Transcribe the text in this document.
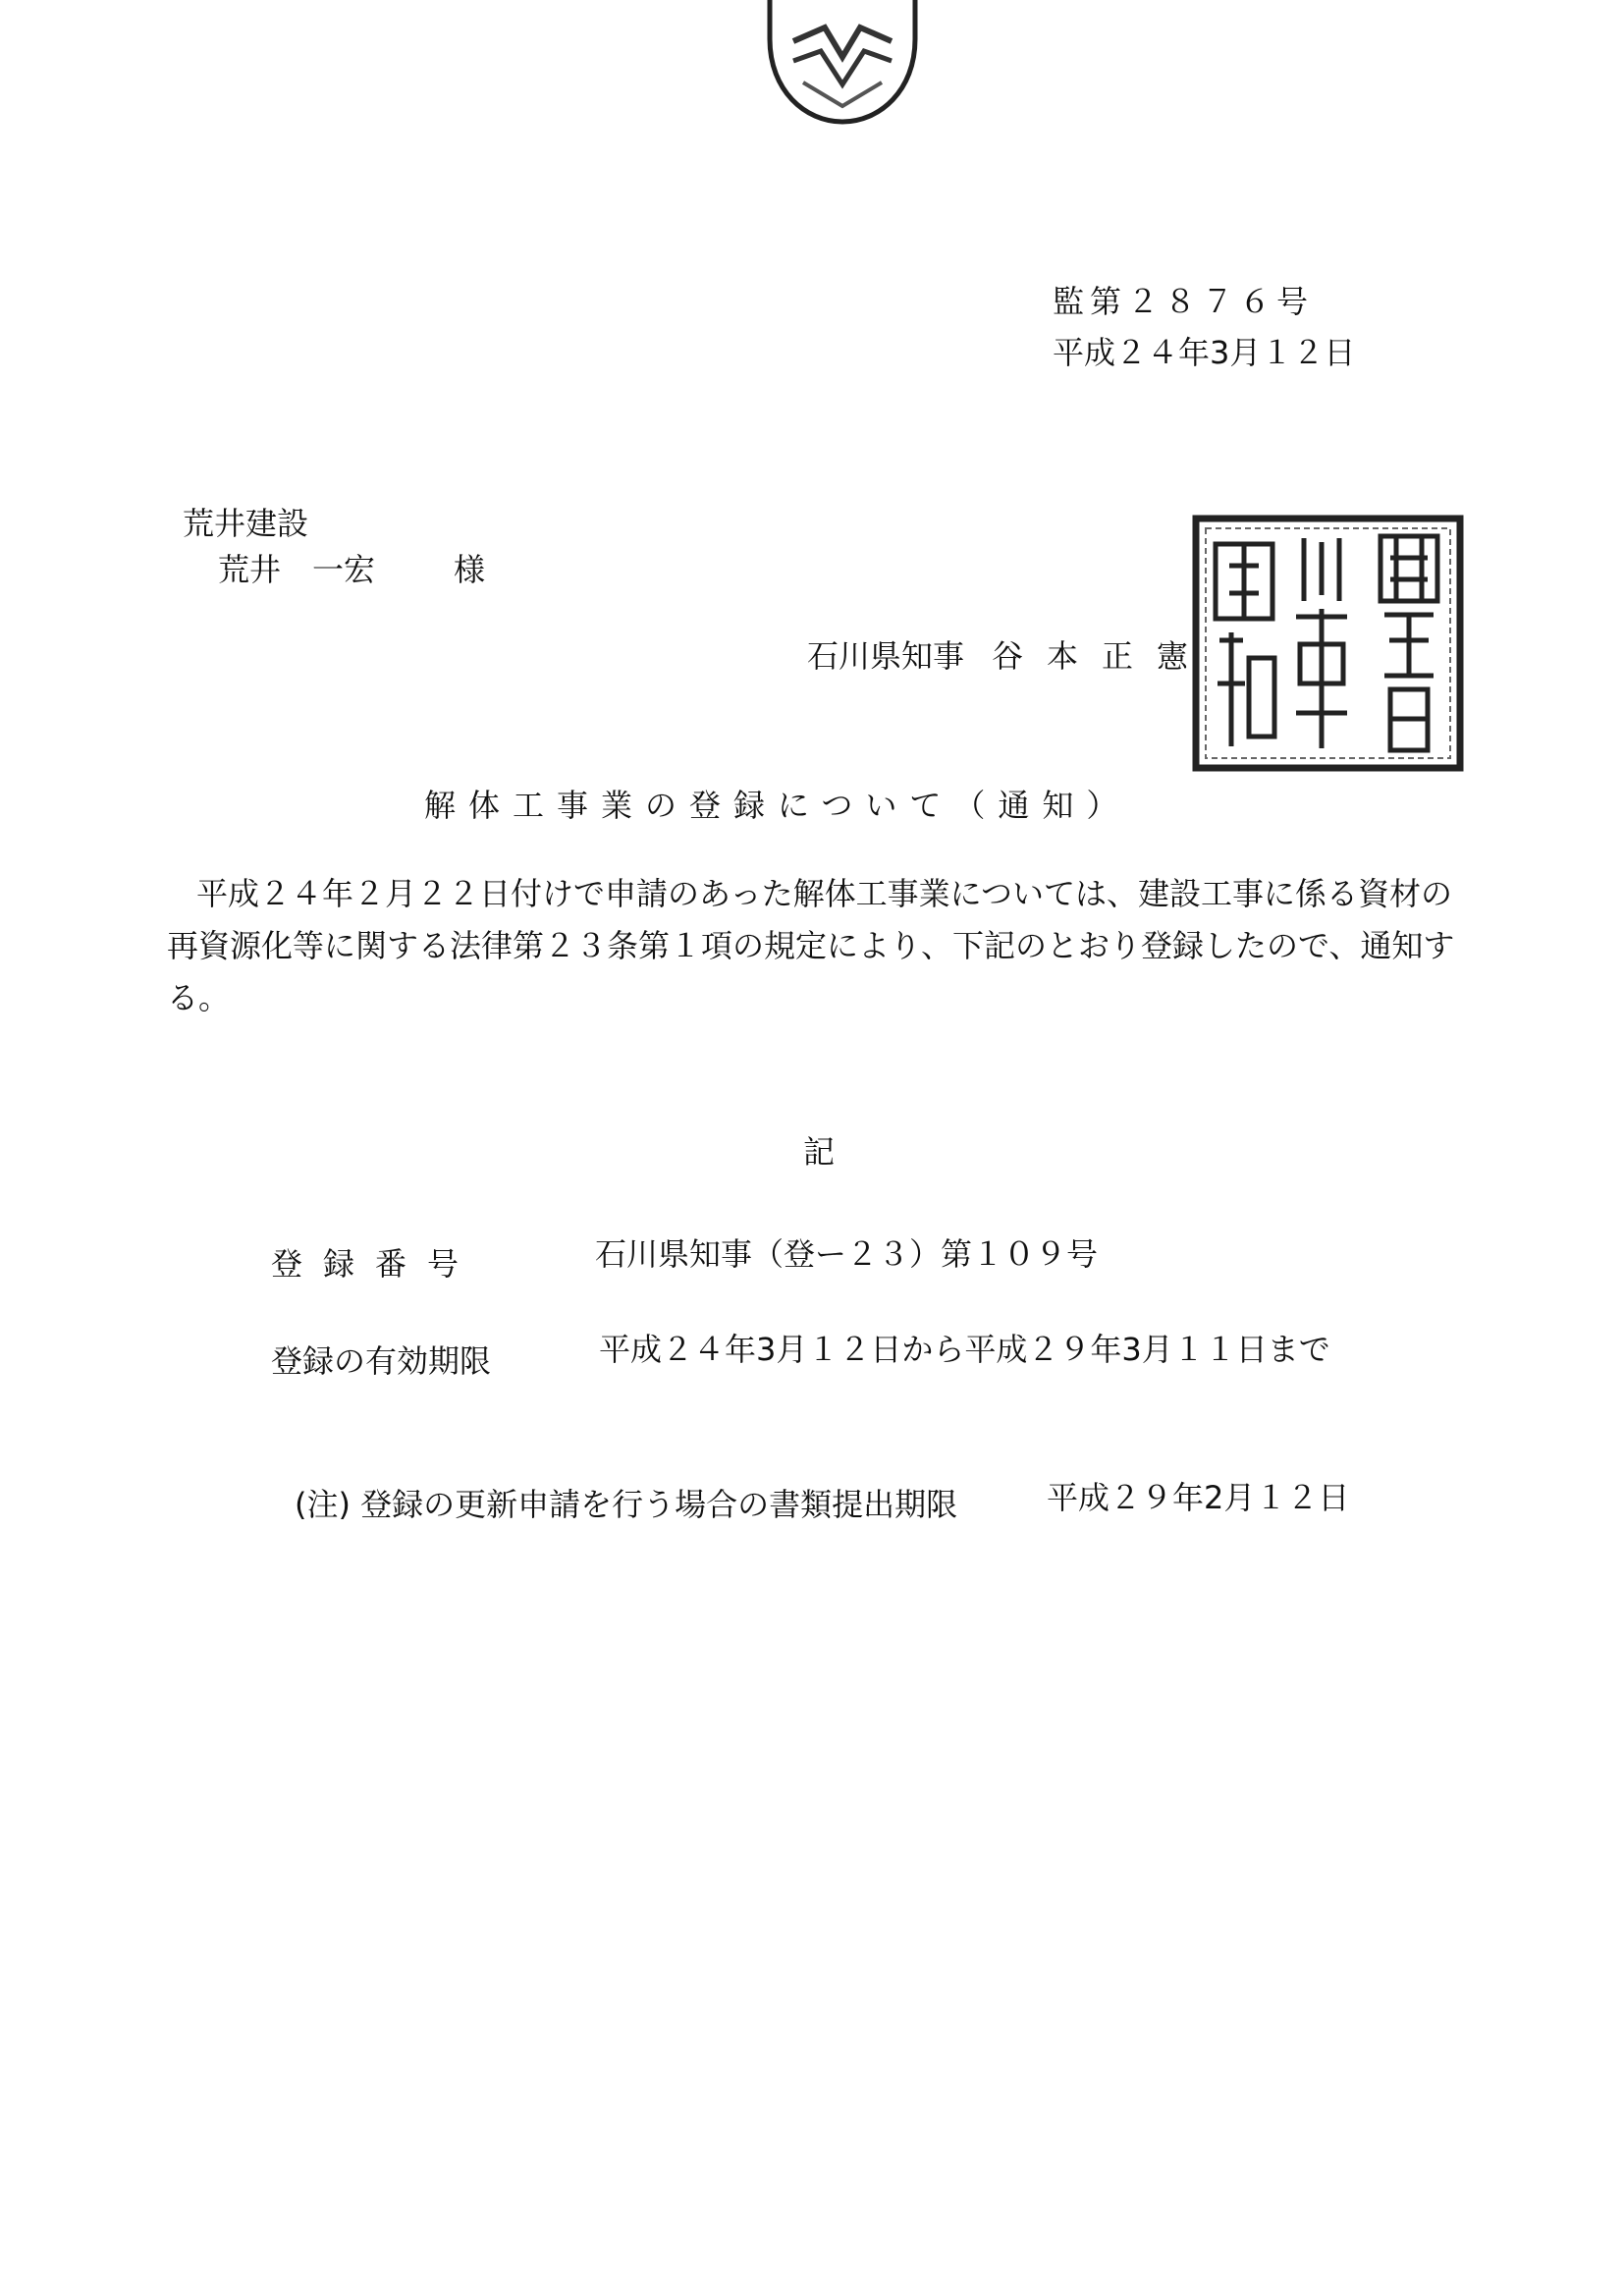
監第２８７６号
平成２４年3月１２日
荒井建設
荒井　一宏 様
石川県知事 谷本正憲
解体工事業の登録について（通知）
平成２４年２月２２日付けで申請のあった解体工事業については、建設工事に係る資材の再資源化等に関する法律第２３条第１項の規定により、下記のとおり登録したので、通知する。
記
登録番号	石川県知事（登ー２３）第１０９号
登録の有効期限	平成２４年3月１２日から平成２９年3月１１日まで
(注) 登録の更新申請を行う場合の書類提出期限	平成２９年2月１２日
